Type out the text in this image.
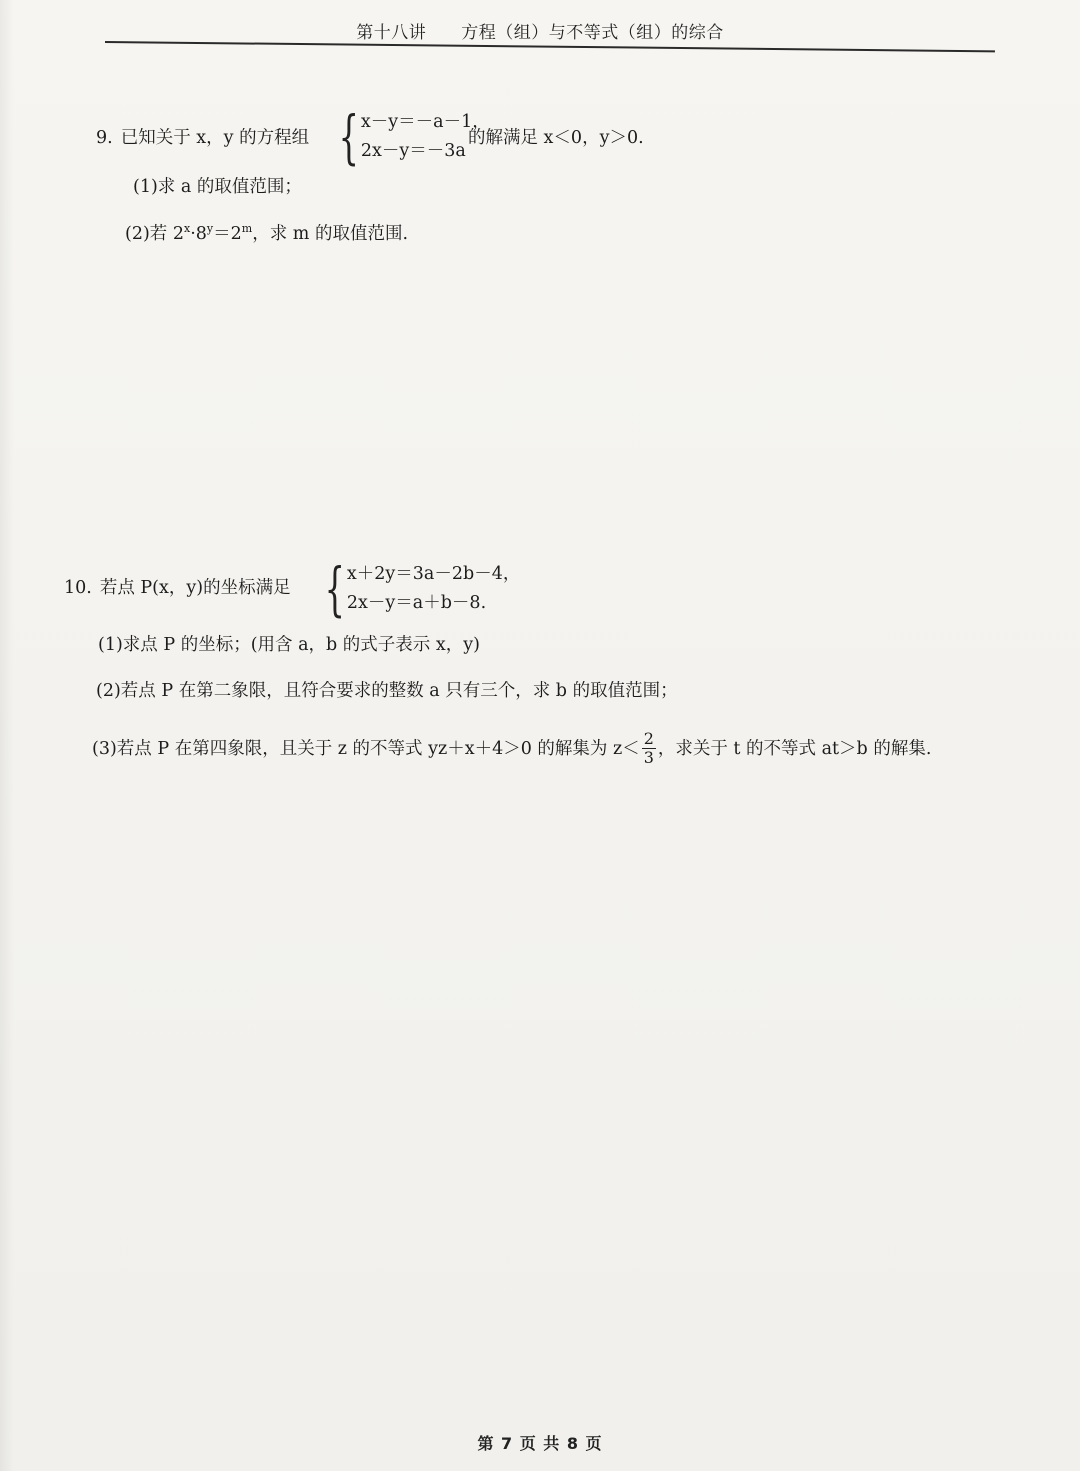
第十八讲　　方程（组）与不等式（组）的综合
9. 已知关于 x，y 的方程组 { x－y＝－a－1，
2x－y＝－3a
的解满足 x＜0，y＞0.
(1)求 a 的取值范围；
(2)若 $2^x\cdot 8^y=2^m$，求 m 的取值范围.
10. 若点 P(x，y)的坐标满足 { x＋2y＝3a－2b－4，
2x－y＝a＋b－8.
(1)求点 P 的坐标；(用含 a，b 的式子表示 x，y)
(2)若点 P 在第二象限，且符合要求的整数 a 只有三个，求 b 的取值范围；
(3)若点 P 在第四象限，且关于 z 的不等式 yz＋x＋4＞0 的解集为 $z< \frac{2}{3}$ ，求关于 t 的不等式 at＞b 的解集.
第 7 页 共 8 页
